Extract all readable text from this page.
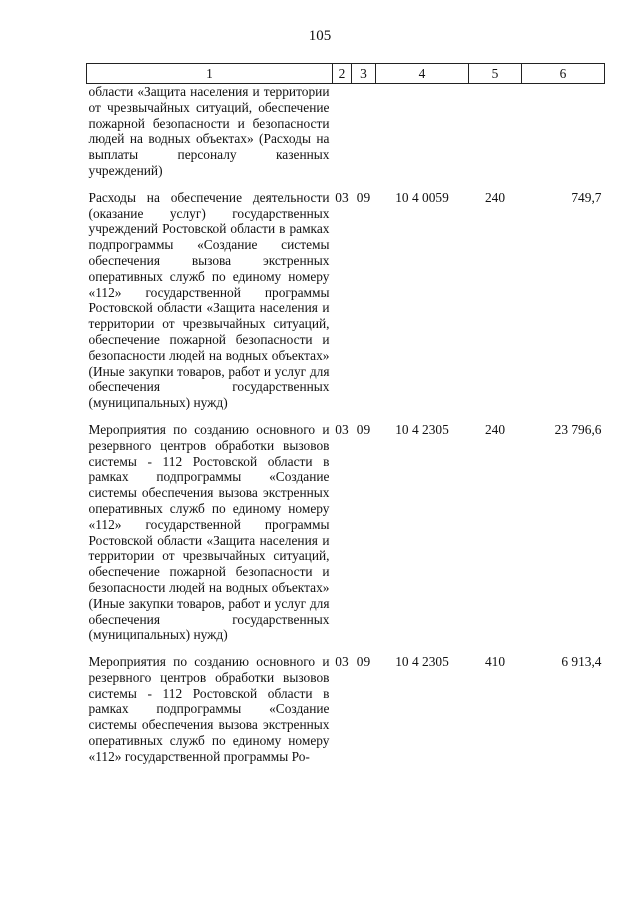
105
1	2	3	4	5	6
области «Защита населения и территории от чрезвычайных ситуаций, обеспечение пожарной безопасности и безопасности людей на водных объектах» (Расходы на выплаты персоналу казенных учреждений)					
Расходы на обеспечение деятельности (оказание услуг) государственных учреждений Ростовской области в рамках подпрограммы «Создание системы обеспечения вызова экстренных оперативных служб по единому номеру «112» государственной программы Ростовской области «Защита населения и территории от чрезвычайных ситуаций, обеспечение пожарной безопасности и безопасности людей на водных объектах» (Иные закупки товаров, работ и услуг для обеспечения государственных (муниципальных) нужд)	03	09	10 4 0059	240	749,7
Мероприятия по созданию основного и резервного центров обработки вызовов системы - 112 Ростовской области в рамках подпрограммы «Создание системы обеспечения вызова экстренных оперативных служб по единому номеру «112» государственной программы Ростовской области «Защита населения и территории от чрезвычайных ситуаций, обеспечение пожарной безопасности и безопасности людей на водных объектах» (Иные закупки товаров, работ и услуг для обеспечения государственных (муниципальных) нужд)	03	09	10 4 2305	240	23 796,6
Мероприятия по созданию основного и резервного центров обработки вызовов системы - 112 Ростовской области в рамках подпрограммы «Создание системы обеспечения вызова экстренных оперативных служб по единому номеру «112» государственной программы Ро-	03	09	10 4 2305	410	6 913,4
